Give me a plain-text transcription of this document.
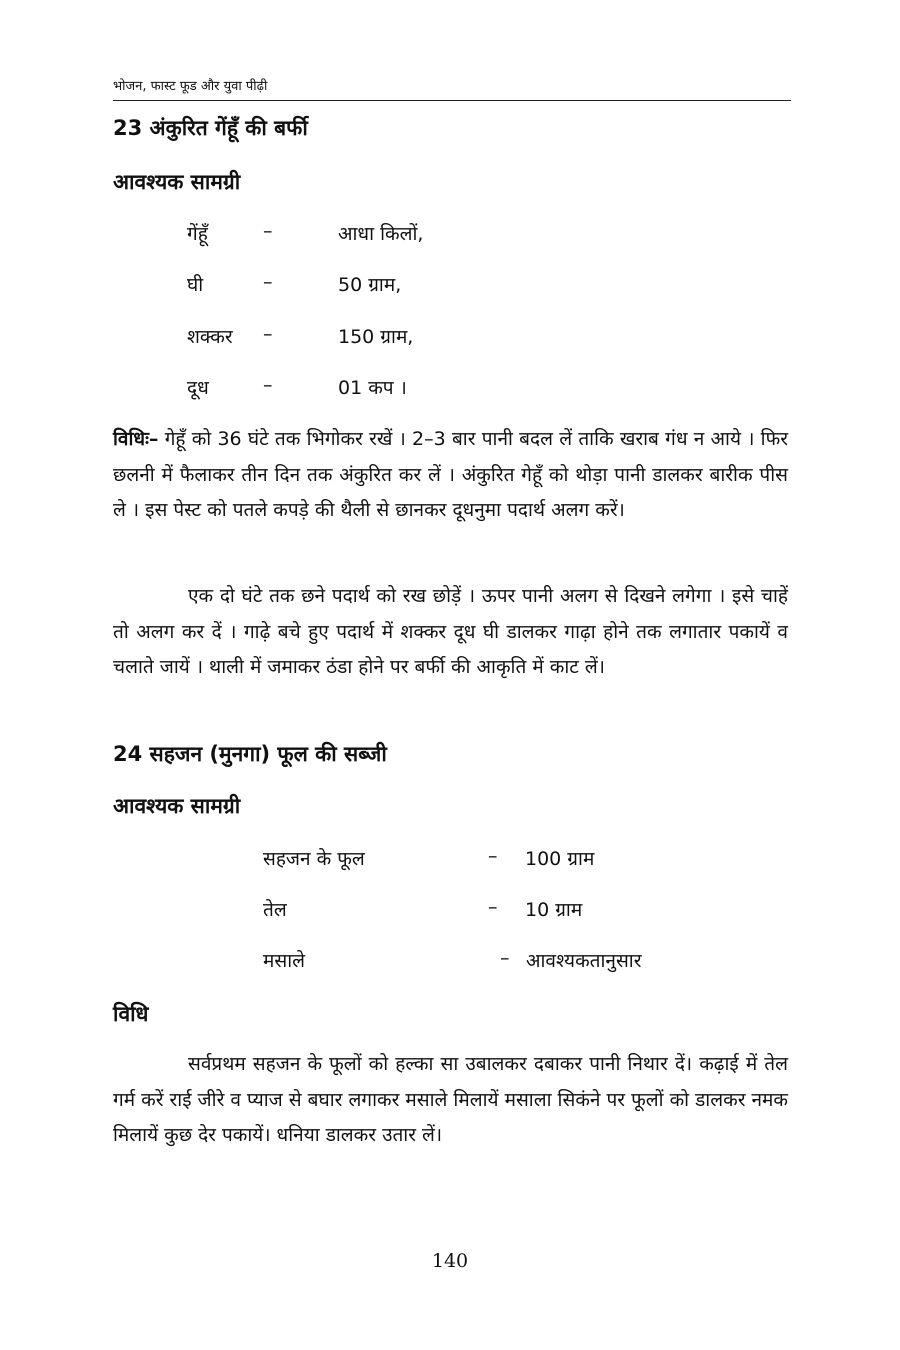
भोजन, फास्ट फूड और युवा पीढ़ी
23 अंकुरित गेंहूँ की बर्फी
आवश्यक सामग्री
गेंहूँ	–	आधा किलों,
घी	–	50 ग्राम,
शक्कर –	150 ग्राम,
दूध	–	01 कप ।
विधिः– गेहूँ को 36 घंटे तक भिगोकर रखें । 2–3 बार पानी बदल लें ताकि खराब गंध न आये । फिर छलनी में फैलाकर तीन दिन तक अंकुरित कर लें । अंकुरित गेहूँ को थोड़ा पानी डालकर बारीक पीस ले । इस पेस्ट को पतले कपड़े की थैली से छानकर दूधनुमा पदार्थ अलग करें।
एक दो घंटे तक छने पदार्थ को रख छोड़ें । ऊपर पानी अलग से दिखने लगेगा । इसे चाहें तो अलग कर दें । गाढ़े बचे हुए पदार्थ में शक्कर दूध घी डालकर गाढ़ा होने तक लगातार पकायें व चलाते जायें । थाली में जमाकर ठंडा होने पर बर्फी की आकृति में काट लें।
24 सहजन (मुनगा) फूल की सब्जी
आवश्यक सामग्री
सहजन के फूल	– 100 ग्राम
तेल	– 10 ग्राम
मसाले	– आवश्यकतानुसार
विधि
सर्वप्रथम सहजन के फूलों को हल्का सा उबालकर दबाकर पानी निथार दें। कढ़ाई में तेल गर्म करें राई जीरे व प्याज से बघार लगाकर मसाले मिलायें मसाला सिकंने पर फूलों को डालकर नमक मिलायें कुछ देर पकायें। धनिया डालकर उतार लें।
140
